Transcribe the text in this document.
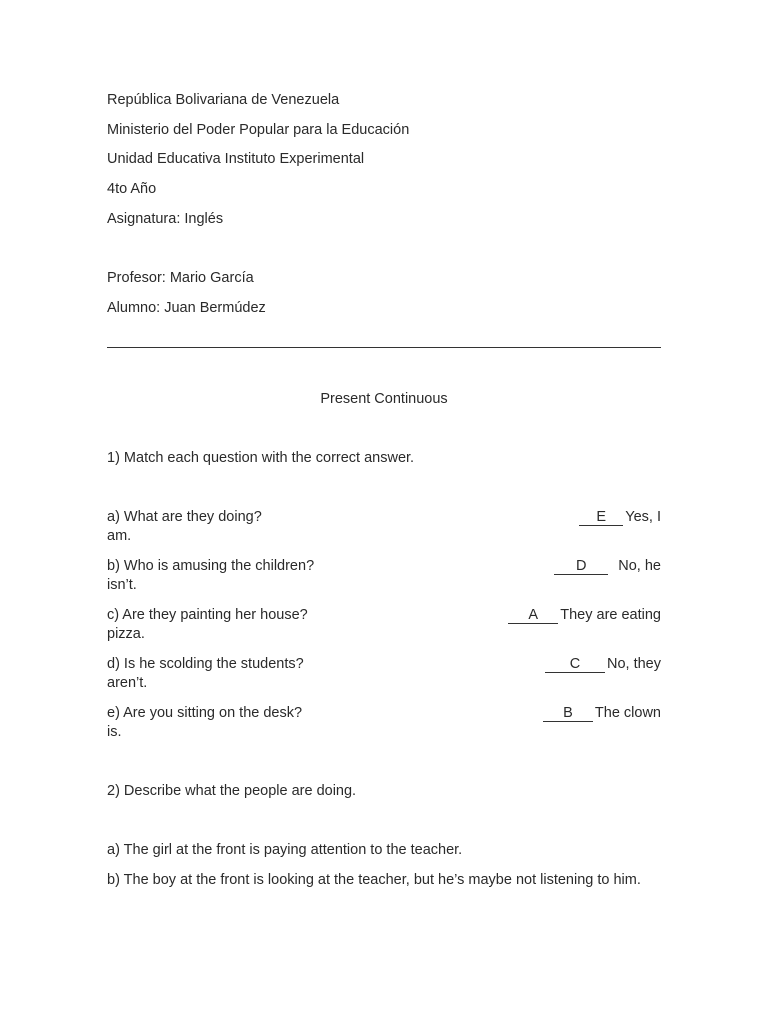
República Bolivariana de Venezuela
Ministerio del Poder Popular para la Educación
Unidad Educativa Instituto Experimental
4to Año
Asignatura: Inglés
Profesor: Mario García
Alumno: Juan Bermúdez
Present Continuous
1) Match each question with the correct answer.
a) What are they doing?	E Yes, I
am.
b) Who is amusing the children?	D No, he
isn’t.
c) Are they painting her house?	A They are eating
pizza.
d) Is he scolding the students?	C No, they
aren’t.
e) Are you sitting on the desk?	B The clown
is.
2) Describe what the people are doing.
a) The girl at the front is paying attention to the teacher.
b) The boy at the front is looking at the teacher, but he’s maybe not listening to him.
